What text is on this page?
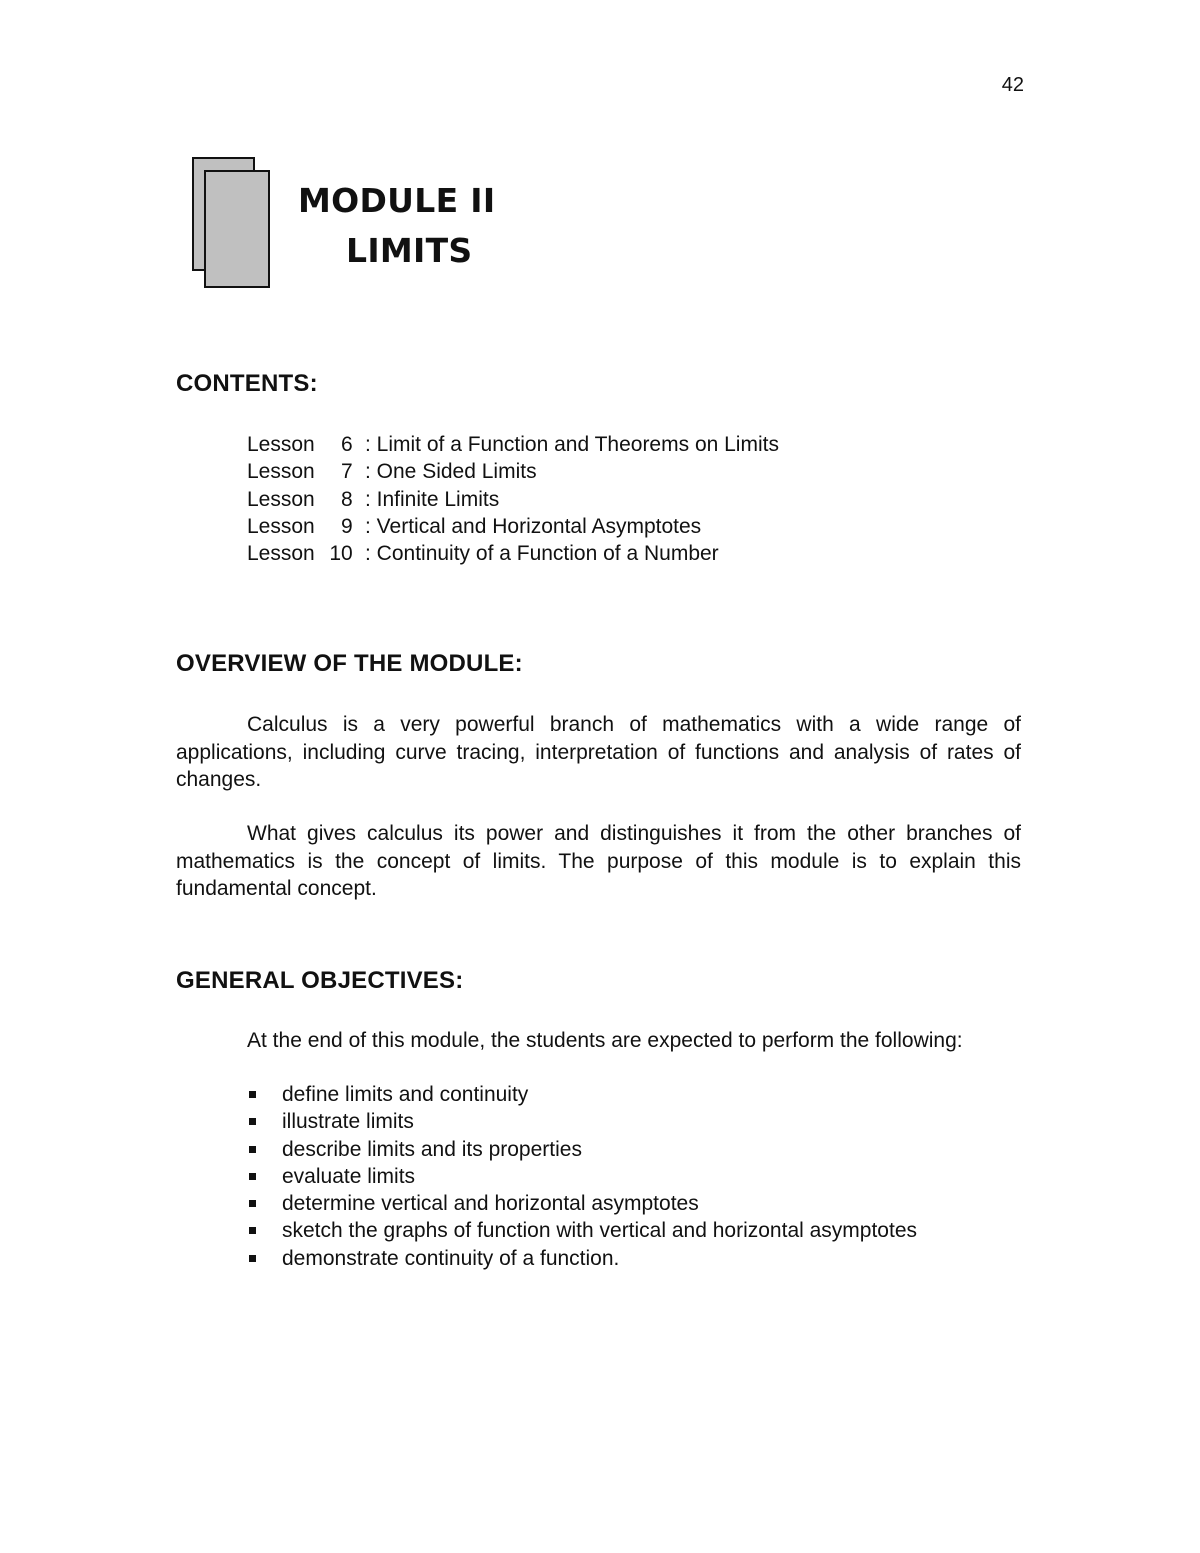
42
MODULE II
LIMITS
CONTENTS:
Lesson 6 : Limit of a Function and Theorems on Limits
Lesson 7 : One Sided Limits
Lesson 8 : Infinite Limits
Lesson 9 : Vertical and Horizontal Asymptotes
Lesson 10 : Continuity of a Function of a Number
OVERVIEW OF THE MODULE:

Calculus is a very powerful branch of mathematics with a wide range of applications, including curve tracing, interpretation of functions and analysis of rates of changes.

What gives calculus its power and distinguishes it from the other branches of mathematics is the concept of limits. The purpose of this module is to explain this fundamental concept.

GENERAL OBJECTIVES:

At the end of this module, the students are expected to perform the following:

define limits and continuity
illustrate limits
describe limits and its properties
evaluate limits
determine vertical and horizontal asymptotes
sketch the graphs of function with vertical and horizontal asymptotes
demonstrate continuity of a function.
